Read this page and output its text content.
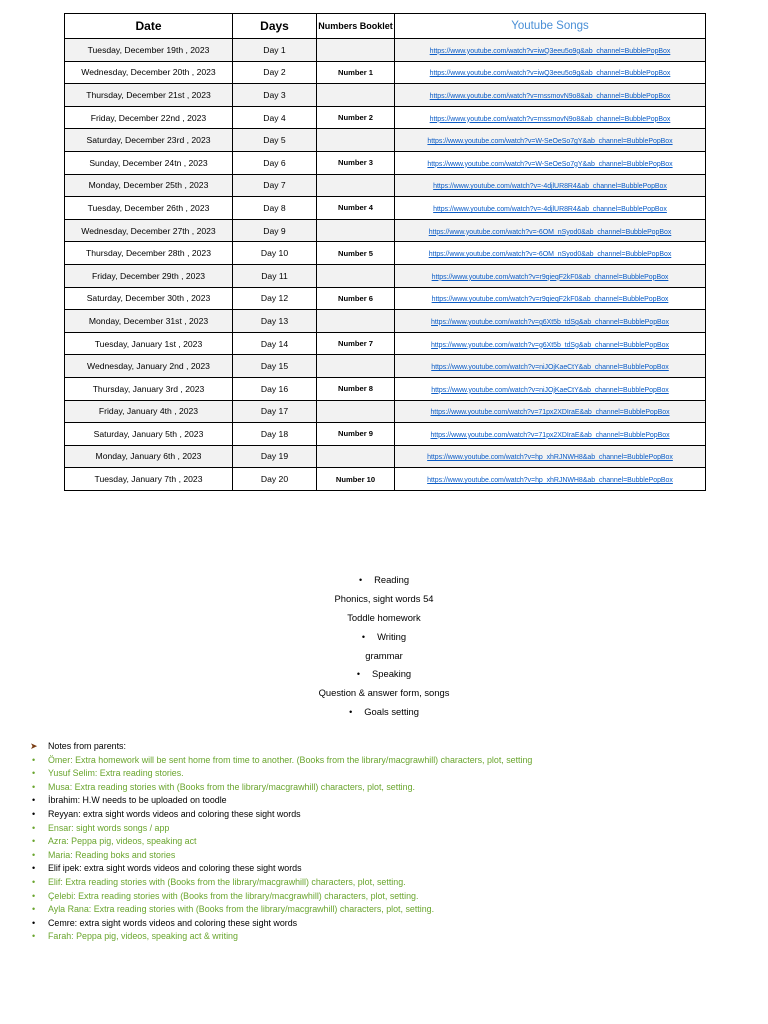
Date	Days	Numbers Booklet	Youtube Songs
Tuesday, December 19th , 2023	Day 1		https://www.youtube.com/watch?v=iwQ3eeu5o9g&ab_channel=BubblePopBox
Wednesday, December 20th , 2023	Day 2	Number 1	https://www.youtube.com/watch?v=iwQ3eeu5o9g&ab_channel=BubblePopBox
Thursday, December 21st , 2023	Day 3		https://www.youtube.com/watch?v=rnssmovN9o8&ab_channel=BubblePopBox
Friday, December 22nd , 2023	Day 4	Number 2	https://www.youtube.com/watch?v=rnssmovN9o8&ab_channel=BubblePopBox
Saturday, December 23rd , 2023	Day 5		https://www.youtube.com/watch?v=W-SeOeSo7gY&ab_channel=BubblePopBox
Sunday, December 24tn , 2023	Day 6	Number 3	https://www.youtube.com/watch?v=W-SeOeSo7gY&ab_channel=BubblePopBox
Monday, December 25th , 2023	Day 7		https://www.youtube.com/watch?v=-4djlUR8R4&ab_channel=BubblePopBox
Tuesday, December 26th , 2023	Day 8	Number 4	https://www.youtube.com/watch?v=-4djlUR8R4&ab_channel=BubblePopBox
Wednesday, December 27th , 2023	Day 9		https://www.youtube.com/watch?v=-6OM_nSyod0&ab_channel=BubblePopBox
Thursday, December 28th , 2023	Day 10	Number 5	https://www.youtube.com/watch?v=-6OM_nSyod0&ab_channel=BubblePopBox
Friday, December 29th , 2023	Day 11		https://www.youtube.com/watch?v=r9qieqF2kF0&ab_channel=BubblePopBox
Saturday, December 30th , 2023	Day 12	Number 6	https://www.youtube.com/watch?v=r9qieqF2kF0&ab_channel=BubblePopBox
Monday, December 31st , 2023	Day 13		https://www.youtube.com/watch?v=g6Xt5b_tdSg&ab_channel=BubblePopBox
Tuesday, January 1st , 2023	Day 14	Number 7	https://www.youtube.com/watch?v=g6Xt5b_tdSg&ab_channel=BubblePopBox
Wednesday, January 2nd , 2023	Day 15		https://www.youtube.com/watch?v=niJOjKaeCtY&ab_channel=BubblePopBox
Thursday, January 3rd , 2023	Day 16	Number 8	https://www.youtube.com/watch?v=niJOjKaeCtY&ab_channel=BubblePopBox
Friday, January 4th , 2023	Day 17		https://www.youtube.com/watch?v=71px2XDIraE&ab_channel=BubblePopBox
Saturday, January 5th , 2023	Day 18	Number 9	https://www.youtube.com/watch?v=71px2XDIraE&ab_channel=BubblePopBox
Monday, January 6th , 2023	Day 19		https://www.youtube.com/watch?v=hp_xhRJNWH8&ab_channel=BubblePopBox
Tuesday, January 7th , 2023	Day 20	Number 10	https://www.youtube.com/watch?v=hp_xhRJNWH8&ab_channel=BubblePopBox
• Reading
Phonics, sight words 54
Toddle homework
• Writing
grammar
• Speaking
Question & answer form, songs
• Goals setting
➤ Notes from parents:
• Ömer: Extra homework will be sent home from time to another. (Books from the library/macgrawhill) characters, plot, setting
• Yusuf Selim: Extra reading stories.
• Musa: Extra reading stories with (Books from the library/macgrawhill) characters, plot, setting.
• İbrahim: H.W needs to be uploaded on toodle
• Reyyan: extra sight words videos and coloring these sight words
• Ensar: sight words songs / app
• Azra: Peppa pig, videos, speaking act
• Maria: Reading boks and stories
• Elif ipek: extra sight words videos and coloring these sight words
• Elif: Extra reading stories with (Books from the library/macgrawhill) characters, plot, setting.
• Çelebi: Extra reading stories with (Books from the library/macgrawhill) characters, plot, setting.
• Ayla Rana: Extra reading stories with (Books from the library/macgrawhill) characters, plot, setting.
• Cemre: extra sight words videos and coloring these sight words
• Farah: Peppa pig, videos, speaking act & writing
